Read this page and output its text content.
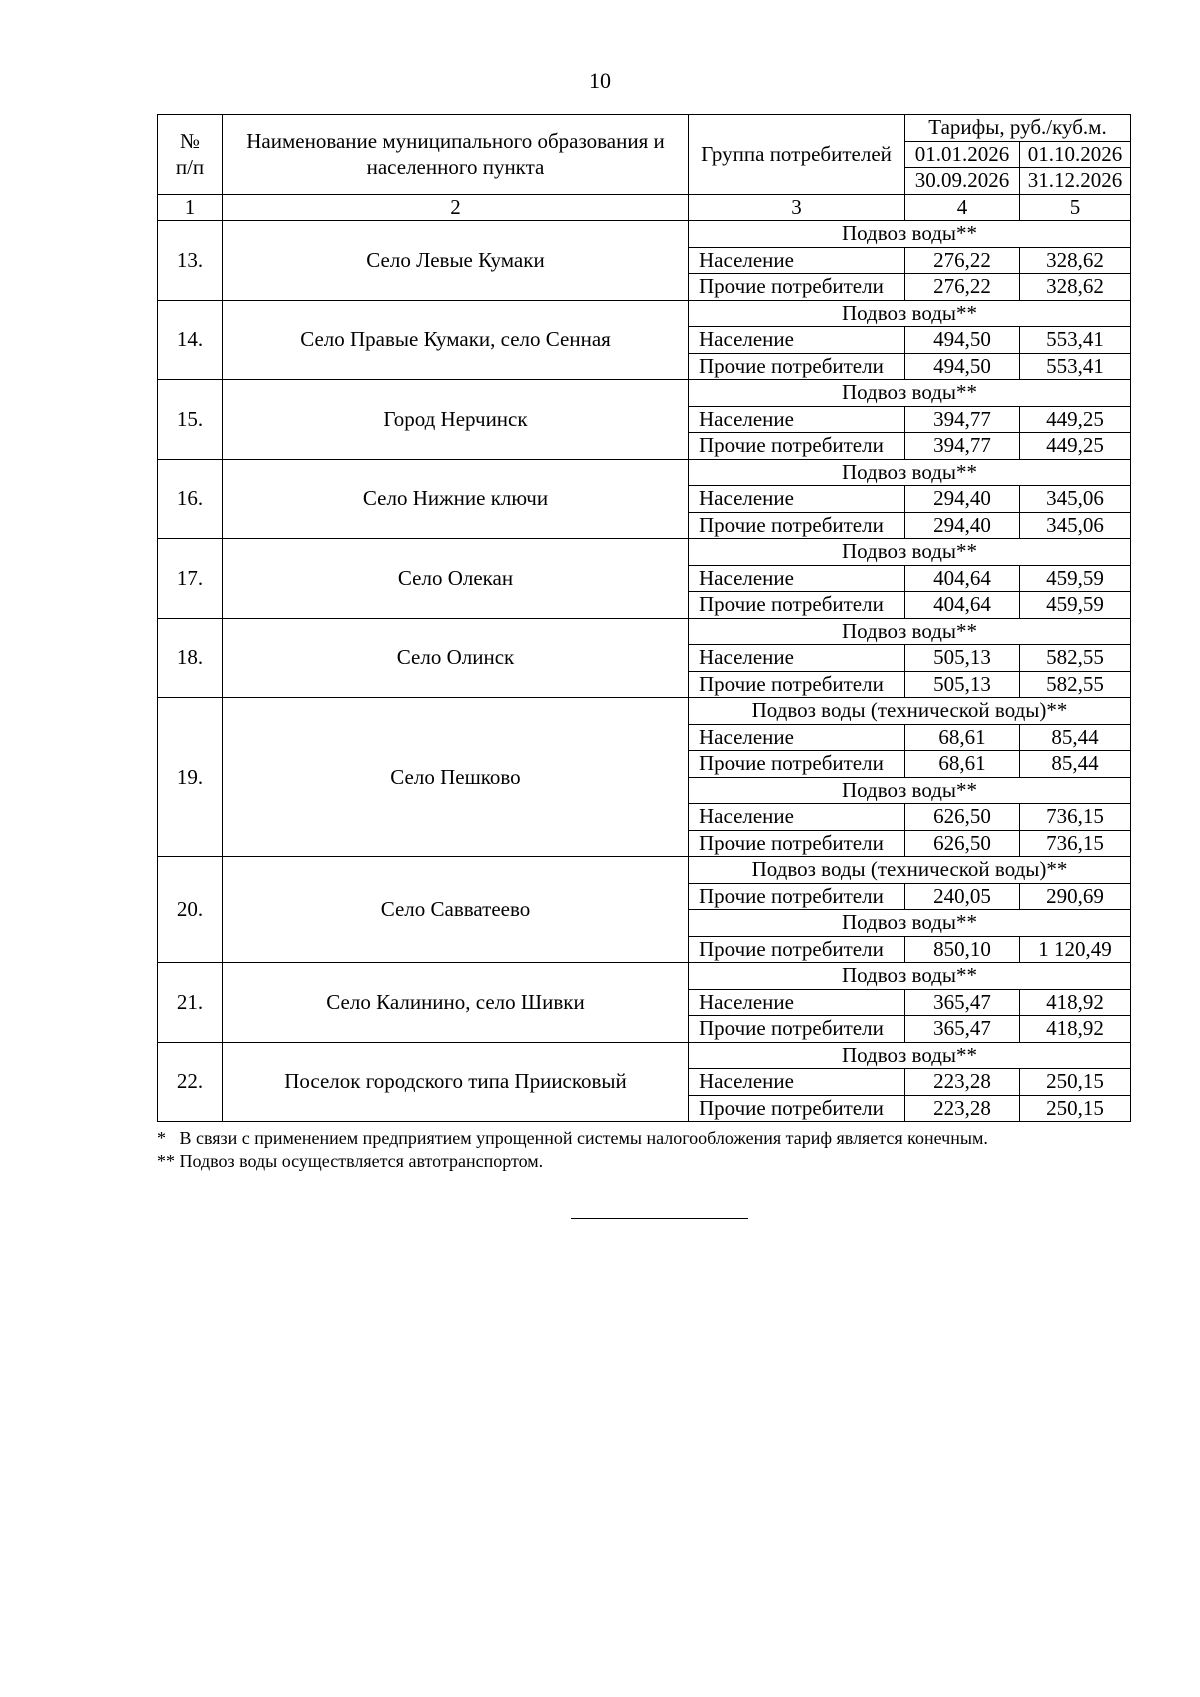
10
№
п/п	Наименование муниципального образования и населенного пункта	Группа потребителей	Тарифы, руб./куб.м.	
			01.01.2026	01.10.2026
			30.09.2026	31.12.2026
1	2	3	4	5
13.	Село Левые Кумаки	Подвоз воды**		
		Население	276,22	328,62
		Прочие потребители	276,22	328,62
14.	Село Правые Кумаки, село Сенная	Подвоз воды**		
		Население	494,50	553,41
		Прочие потребители	494,50	553,41
15.	Город Нерчинск	Подвоз воды**		
		Население	394,77	449,25
		Прочие потребители	394,77	449,25
16.	Село Нижние ключи	Подвоз воды**		
		Население	294,40	345,06
		Прочие потребители	294,40	345,06
17.	Село Олекан	Подвоз воды**		
		Население	404,64	459,59
		Прочие потребители	404,64	459,59
18.	Село Олинск	Подвоз воды**		
		Население	505,13	582,55
		Прочие потребители	505,13	582,55
19.	Село Пешково	Подвоз воды (технической воды)**		
		Население	68,61	85,44
		Прочие потребители	68,61	85,44
		Подвоз воды**		
		Население	626,50	736,15
		Прочие потребители	626,50	736,15
20.	Село Савватеево	Подвоз воды (технической воды)**		
		Прочие потребители	240,05	290,69
		Подвоз воды**		
		Прочие потребители	850,10	1 120,49
21.	Село Калинино, село Шивки	Подвоз воды**		
		Население	365,47	418,92
		Прочие потребители	365,47	418,92
22.	Поселок городского типа Приисковый	Подвоз воды**		
		Население	223,28	250,15
		Прочие потребители	223,28	250,15
*   В связи с применением предприятием упрощенной системы налогообложения тариф является конечным.
** Подвоз воды осуществляется автотранспортом.
